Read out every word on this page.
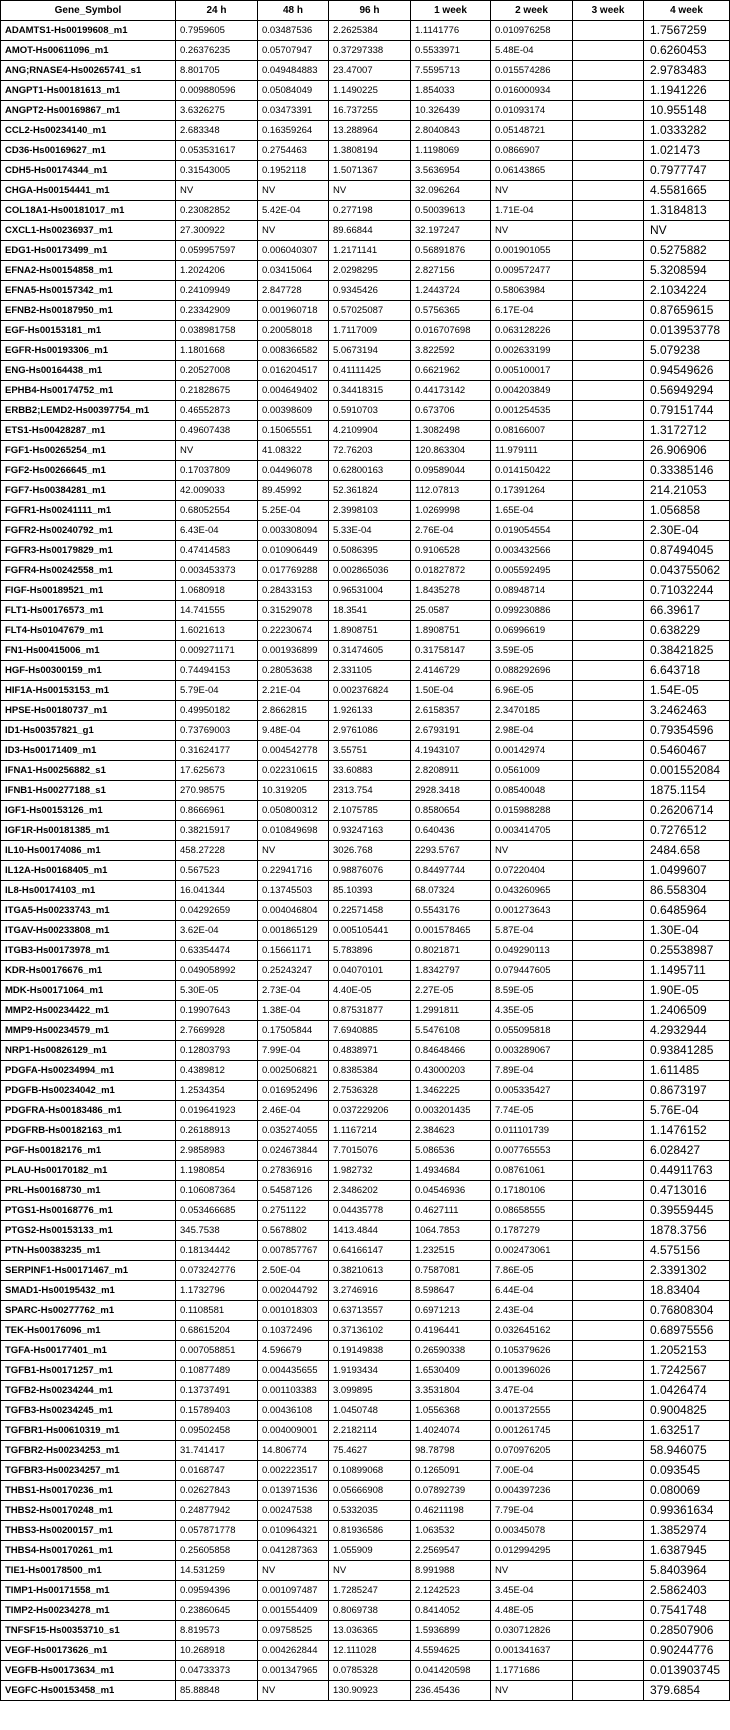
Gene_Symbol	24 h	48 h	96 h	1 week	2 week	3 week	4 week
ADAMTS1-Hs00199608_m1	0.7959605	0.03487536	2.2625384	1.1141776	0.010976258		1.7567259
AMOT-Hs00611096_m1	0.26376235	0.05707947	0.37297338	0.5533971	5.48E-04		0.6260453
ANG;RNASE4-Hs00265741_s1	8.801705	0.049484883	23.47007	7.5595713	0.015574286		2.9783483
ANGPT1-Hs00181613_m1	0.009880596	0.05084049	1.1490225	1.854033	0.016000934		1.1941226
ANGPT2-Hs00169867_m1	3.6326275	0.03473391	16.737255	10.326439	0.01093174		10.955148
CCL2-Hs00234140_m1	2.683348	0.16359264	13.288964	2.8040843	0.05148721		1.0333282
CD36-Hs00169627_m1	0.053531617	0.2754463	1.3808194	1.1198069	0.0866907		1.021473
CDH5-Hs00174344_m1	0.31543005	0.1952118	1.5071367	3.5636954	0.06143865		0.7977747
CHGA-Hs00154441_m1	NV	NV	NV	32.096264	NV		4.5581665
COL18A1-Hs00181017_m1	0.23082852	5.42E-04	0.277198	0.50039613	1.71E-04		1.3184813
CXCL1-Hs00236937_m1	27.300922	NV	89.66844	32.197247	NV		NV
EDG1-Hs00173499_m1	0.059957597	0.006040307	1.2171141	0.56891876	0.001901055		0.5275882
EFNA2-Hs00154858_m1	1.2024206	0.03415064	2.0298295	2.827156	0.009572477		5.3208594
EFNA5-Hs00157342_m1	0.24109949	2.847728	0.9345426	1.2443724	0.58063984		2.1034224
EFNB2-Hs00187950_m1	0.23342909	0.001960718	0.57025087	0.5756365	6.17E-04		0.87659615
EGF-Hs00153181_m1	0.038981758	0.20058018	1.7117009	0.016707698	0.063128226		0.013953778
EGFR-Hs00193306_m1	1.1801668	0.008366582	5.0673194	3.822592	0.002633199		5.079238
ENG-Hs00164438_m1	0.20527008	0.016204517	0.41111425	0.6621962	0.005100017		0.94549626
EPHB4-Hs00174752_m1	0.21828675	0.004649402	0.34418315	0.44173142	0.004203849		0.56949294
ERBB2;LEMD2-Hs00397754_m1	0.46552873	0.00398609	0.5910703	0.673706	0.001254535		0.79151744
ETS1-Hs00428287_m1	0.49607438	0.15065551	4.2109904	1.3082498	0.08166007		1.3172712
FGF1-Hs00265254_m1	NV	41.08322	72.76203	120.863304	11.979111		26.906906
FGF2-Hs00266645_m1	0.17037809	0.04496078	0.62800163	0.09589044	0.014150422		0.33385146
FGF7-Hs00384281_m1	42.009033	89.45992	52.361824	112.07813	0.17391264		214.21053
FGFR1-Hs00241111_m1	0.68052554	5.25E-04	2.3998103	1.0269998	1.65E-04		1.056858
FGFR2-Hs00240792_m1	6.43E-04	0.003308094	5.33E-04	2.76E-04	0.019054554		2.30E-04
FGFR3-Hs00179829_m1	0.47414583	0.010906449	0.5086395	0.9106528	0.003432566		0.87494045
FGFR4-Hs00242558_m1	0.003453373	0.017769288	0.002865036	0.01827872	0.005592495		0.043755062
FIGF-Hs00189521_m1	1.0680918	0.28433153	0.96531004	1.8435278	0.08948714		0.71032244
FLT1-Hs00176573_m1	14.741555	0.31529078	18.3541	25.0587	0.099230886		66.39617
FLT4-Hs01047679_m1	1.6021613	0.22230674	1.8908751	1.8908751	0.06996619		0.638229
FN1-Hs00415006_m1	0.009271171	0.001936899	0.31474605	0.31758147	3.59E-05		0.38421825
HGF-Hs00300159_m1	0.74494153	0.28053638	2.331105	2.4146729	0.088292696		6.643718
HIF1A-Hs00153153_m1	5.79E-04	2.21E-04	0.002376824	1.50E-04	6.96E-05		1.54E-05
HPSE-Hs00180737_m1	0.49950182	2.8662815	1.926133	2.6158357	2.3470185		3.2462463
ID1-Hs00357821_g1	0.73769003	9.48E-04	2.9761086	2.6793191	2.98E-04		0.79354596
ID3-Hs00171409_m1	0.31624177	0.004542778	3.55751	4.1943107	0.00142974		0.5460467
IFNA1-Hs00256882_s1	17.625673	0.022310615	33.60883	2.8208911	0.0561009		0.001552084
IFNB1-Hs00277188_s1	270.98575	10.319205	2313.754	2928.3418	0.08540048		1875.1154
IGF1-Hs00153126_m1	0.8666961	0.050800312	2.1075785	0.8580654	0.015988288		0.26206714
IGF1R-Hs00181385_m1	0.38215917	0.010849698	0.93247163	0.640436	0.003414705		0.7276512
IL10-Hs00174086_m1	458.27228	NV	3026.768	2293.5767	NV		2484.658
IL12A-Hs00168405_m1	0.567523	0.22941716	0.98876076	0.84497744	0.07220404		1.0499607
IL8-Hs00174103_m1	16.041344	0.13745503	85.10393	68.07324	0.043260965		86.558304
ITGA5-Hs00233743_m1	0.04292659	0.004046804	0.22571458	0.5543176	0.001273643		0.6485964
ITGAV-Hs00233808_m1	3.62E-04	0.001865129	0.005105441	0.001578465	5.87E-04		1.30E-04
ITGB3-Hs00173978_m1	0.63354474	0.15661171	5.783896	0.8021871	0.049290113		0.25538987
KDR-Hs00176676_m1	0.049058992	0.25243247	0.04070101	1.8342797	0.079447605		1.1495711
MDK-Hs00171064_m1	5.30E-05	2.73E-04	4.40E-05	2.27E-05	8.59E-05		1.90E-05
MMP2-Hs00234422_m1	0.19907643	1.38E-04	0.87531877	1.2991811	4.35E-05		1.2406509
MMP9-Hs00234579_m1	2.7669928	0.17505844	7.6940885	5.5476108	0.055095818		4.2932944
NRP1-Hs00826129_m1	0.12803793	7.99E-04	0.4838971	0.84648466	0.003289067		0.93841285
PDGFA-Hs00234994_m1	0.4389812	0.002506821	0.8385384	0.43000203	7.89E-04		1.611485
PDGFB-Hs00234042_m1	1.2534354	0.016952496	2.7536328	1.3462225	0.005335427		0.8673197
PDGFRA-Hs00183486_m1	0.019641923	2.46E-04	0.037229206	0.003201435	7.74E-05		5.76E-04
PDGFRB-Hs00182163_m1	0.26188913	0.035274055	1.1167214	2.384623	0.011101739		1.1476152
PGF-Hs00182176_m1	2.9858983	0.024673844	7.7015076	5.086536	0.007765553		6.028427
PLAU-Hs00170182_m1	1.1980854	0.27836916	1.982732	1.4934684	0.08761061		0.44911763
PRL-Hs00168730_m1	0.106087364	0.54587126	2.3486202	0.04546936	0.17180106		0.4713016
PTGS1-Hs00168776_m1	0.053466685	0.2751122	0.04435778	0.4627111	0.08658555		0.39559445
PTGS2-Hs00153133_m1	345.7538	0.5678802	1413.4844	1064.7853	0.1787279		1878.3756
PTN-Hs00383235_m1	0.18134442	0.007857767	0.64166147	1.232515	0.002473061		4.575156
SERPINF1-Hs00171467_m1	0.073242776	2.50E-04	0.38210613	0.7587081	7.86E-05		2.3391302
SMAD1-Hs00195432_m1	1.1732796	0.002044792	3.2746916	8.598647	6.44E-04		18.83404
SPARC-Hs00277762_m1	0.1108581	0.001018303	0.63713557	0.6971213	2.43E-04		0.76808304
TEK-Hs00176096_m1	0.68615204	0.10372496	0.37136102	0.4196441	0.032645162		0.68975556
TGFA-Hs00177401_m1	0.007058851	4.596679	0.19149838	0.26590338	0.105379626		1.2052153
TGFB1-Hs00171257_m1	0.10877489	0.004435655	1.9193434	1.6530409	0.001396026		1.7242567
TGFB2-Hs00234244_m1	0.13737491	0.001103383	3.099895	3.3531804	3.47E-04		1.0426474
TGFB3-Hs00234245_m1	0.15789403	0.00436108	1.0450748	1.0556368	0.001372555		0.9004825
TGFBR1-Hs00610319_m1	0.09502458	0.004009001	2.2182114	1.4024074	0.001261745		1.632517
TGFBR2-Hs00234253_m1	31.741417	14.806774	75.4627	98.78798	0.070976205		58.946075
TGFBR3-Hs00234257_m1	0.0168747	0.002223517	0.10899068	0.1265091	7.00E-04		0.093545
THBS1-Hs00170236_m1	0.02627843	0.013971536	0.05666908	0.07892739	0.004397236		0.080069
THBS2-Hs00170248_m1	0.24877942	0.00247538	0.5332035	0.46211198	7.79E-04		0.99361634
THBS3-Hs00200157_m1	0.057871778	0.010964321	0.81936586	1.063532	0.00345078		1.3852974
THBS4-Hs00170261_m1	0.25605858	0.041287363	1.055909	2.2569547	0.012994295		1.6387945
TIE1-Hs00178500_m1	14.531259	NV	NV	8.991988	NV		5.8403964
TIMP1-Hs00171558_m1	0.09594396	0.001097487	1.7285247	2.1242523	3.45E-04		2.5862403
TIMP2-Hs00234278_m1	0.23860645	0.001554409	0.8069738	0.8414052	4.48E-05		0.7541748
TNFSF15-Hs00353710_s1	8.819573	0.09758525	13.036365	1.5936899	0.030712826		0.28507906
VEGF-Hs00173626_m1	10.268918	0.004262844	12.111028	4.5594625	0.001341637		0.90244776
VEGFB-Hs00173634_m1	0.04733373	0.001347965	0.0785328	0.041420598	1.1771686		0.013903745
VEGFC-Hs00153458_m1	85.88848	NV	130.90923	236.45436	NV		379.6854
